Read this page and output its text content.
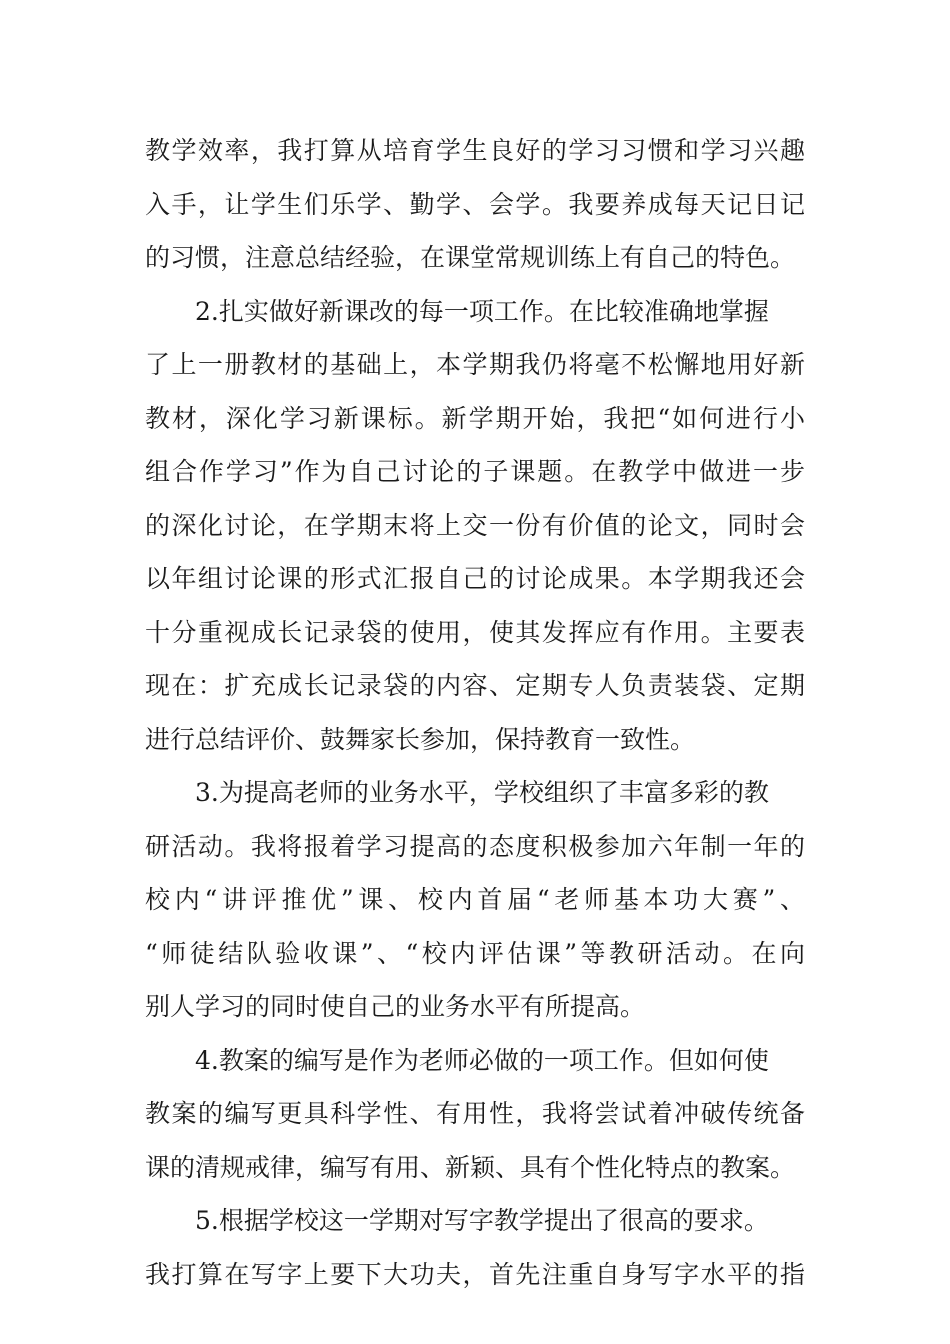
教学效率，我打算从培育学生良好的学习习惯和学习兴趣
入手，让学生们乐学、勤学、会学。我要养成每天记日记
的习惯，注意总结经验，在课堂常规训练上有自己的特色。
2.扎实做好新课改的每一项工作。在比较准确地掌握
了上一册教材的基础上，本学期我仍将毫不松懈地用好新
教材，深化学习新课标。新学期开始，我把“如何进行小
组合作学习”作为自己讨论的子课题。在教学中做进一步
的深化讨论，在学期末将上交一份有价值的论文，同时会
以年组讨论课的形式汇报自己的讨论成果。本学期我还会
十分重视成长记录袋的使用，使其发挥应有作用。主要表
现在：扩充成长记录袋的内容、定期专人负责装袋、定期
进行总结评价、鼓舞家长参加，保持教育一致性。
3.为提高老师的业务水平，学校组织了丰富多彩的教
研活动。我将报着学习提高的态度积极参加六年制一年的
校内“讲评推优”课、校内首届“老师基本功大赛”、
“师徒结队验收课”、“校内评估课”等教研活动。在向
别人学习的同时使自己的业务水平有所提高。
4.教案的编写是作为老师必做的一项工作。但如何使
教案的编写更具科学性、有用性，我将尝试着冲破传统备
课的清规戒律，编写有用、新颖、具有个性化特点的教案。
5.根据学校这一学期对写字教学提出了很高的要求。
我打算在写字上要下大功夫，首先注重自身写字水平的指
